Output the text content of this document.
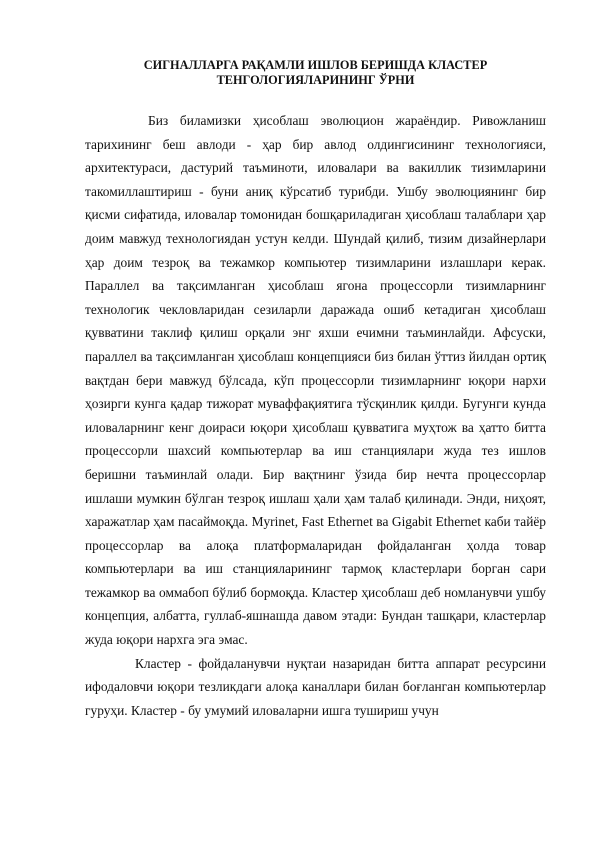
СИГНАЛЛАРГА РАҚАМЛИ ИШЛОВ БЕРИШДА КЛАСТЕР
ТЕНГОЛОГИЯЛАРИНИНГ ЎРНИ

Биз биламизки ҳисоблаш эволюцион жараёндир. Ривожланиш тарихининг беш авлоди - ҳар бир авлод олдингисининг технологияси, архитектураси, дастурий таъминоти, иловалари ва вакиллик тизимларини такомиллаштириш - буни аниқ кўрсатиб турибди. Ушбу эволюциянинг бир қисми сифатида, иловалар томонидан бошқариладиган ҳисоблаш талаблари ҳар доим мавжуд технологиядан устун келди. Шундай қилиб, тизим дизайнерлари ҳар доим тезроқ ва тежамкор компьютер тизимларини излашлари керак. Параллел ва тақсимланган ҳисоблаш ягона процессорли тизимларнинг технологик чекловларидан сезиларли даражада ошиб кетадиган ҳисоблаш қувватини таклиф қилиш орқали энг яхши ечимни таъминлайди. Афсуски, параллел ва тақсимланган ҳисоблаш концепцияси биз билан ўттиз йилдан ортиқ вақтдан бери мавжуд бўлсада, кўп процессорли тизимларнинг юқори нархи ҳозирги кунга қадар тижорат муваффақиятига тўсқинлик қилди. Бугунги кунда иловаларнинг кенг доираси юқори ҳисоблаш қувватига муҳтож ва ҳатто битта процессорли шахсий компьютерлар ва иш станциялари жуда тез ишлов беришни таъминлай олади. Бир вақтнинг ўзида бир нечта процессорлар ишлаши мумкин бўлган тезроқ ишлаш ҳали ҳам талаб қилинади. Энди, ниҳоят, харажатлар ҳам пасаймоқда. Myrinet, Fast Ethernet ва Gigabit Ethernet каби тайёр процессорлар ва алоқа платформаларидан фойдаланган ҳолда товар компьютерлари ва иш станцияларининг тармоқ кластерлари борган сари тежамкор ва оммабоп бўлиб бормоқда. Кластер ҳисоблаш деб номланувчи ушбу концепция, албатта, гуллаб-яшнашда давом этади: Бундан ташқари, кластерлар жуда юқори нархга эга эмас.

Кластер - фойдаланувчи нуқтаи назаридан битта аппарат ресурсини ифодаловчи юқори тезликдаги алоқа каналлари билан боғланган компьютерлар гуруҳи. Кластер - бу умумий иловаларни ишга тушириш учун
